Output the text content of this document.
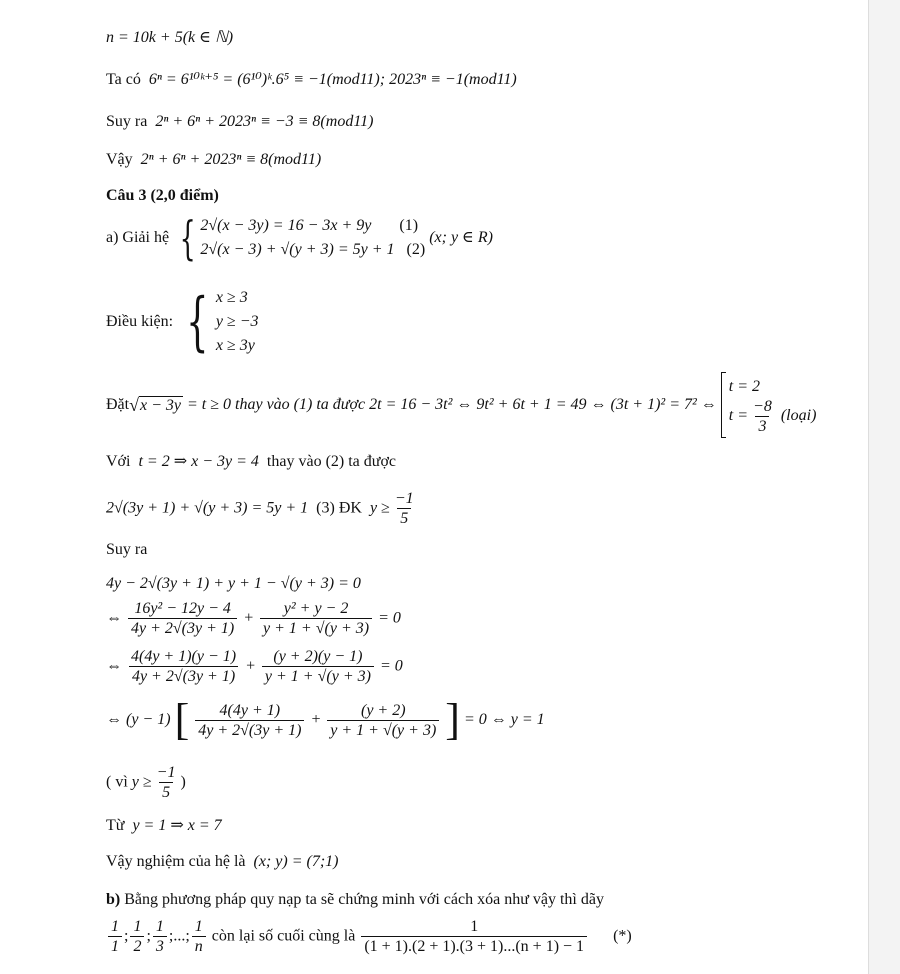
n = 10k + 5(k ∈ ℕ)
Ta có 6ⁿ = 6¹⁰ᵏ⁺⁵ = (6¹⁰)ᵏ.6⁵ ≡ −1(mod11); 2023ⁿ ≡ −1(mod11)
Suy ra 2ⁿ + 6ⁿ + 2023ⁿ ≡ −3 ≡ 8(mod11)
Vậy 2ⁿ + 6ⁿ + 2023ⁿ ≡ 8(mod11)
Câu 3 (2,0 điểm)
a) Giải hệ { 2√(x − 3y) = 16 − 3x + 9y (1)
2√(x − 3) + √(y + 3) = 5y + 1 (2)
(x; y ∈ R)
Điều kiện: { x ≥ 3
y ≥ −3
x ≥ 3y
Đặt √ x − 3y = t ≥ 0 thay vào (1) ta được 2t = 16 − 3t² ⇔ 9t² + 6t + 1 = 49 ⇔ (3t + 1)² = 7² ⇔
t = 2
$t = \frac{-8}{3}$ (loại)
Với t = 2 ⇒ x − 3y = 4 thay vào (2) ta được
2√(3y + 1) + √(y + 3) = 5y + 1 (3) ĐK $y \ge \frac{-1}{5}$
Suy ra
4y − 2√(3y + 1) + y + 1 − √(y + 3) = 0
⇔ $\frac{\text{16y² − 12y − 4}}{4y + 2√(3y + 1)} + \frac{\text{y² + y − 2}}{y + 1 + √(y + 3)} = 0$
⇔ $\frac{4(4y + 1)(y - 1)}{4y + 2√(3y + 1)} + \frac{(y + 2)(y - 1)}{y + 1 + √(y + 3)} = 0$
⇔ (y − 1) [ $\frac{4(4y + 1)}{4y + 2√(3y + 1)} + \frac{(y + 2)}{y + 1 + √(y + 3)}$ ] = 0 ⇔ y = 1
( vì $y \ge \frac{-1}{5}$ )
Từ y = 1 ⇒ x = 7
Vậy nghiệm của hệ là (x; y) = (7;1)
b) Bằng phương pháp quy nạp ta sẽ chứng minh với cách xóa như vậy thì dãy
$\frac{1}{1}$ ; $\frac{1}{2}$ ; $\frac{1}{3}$ ;...; $\frac{1}{n}$ còn lại số cuối cùng là $\frac{1}{(1 + 1).(2 + 1).(3 + 1)...(n + 1) - 1}$ (*)
